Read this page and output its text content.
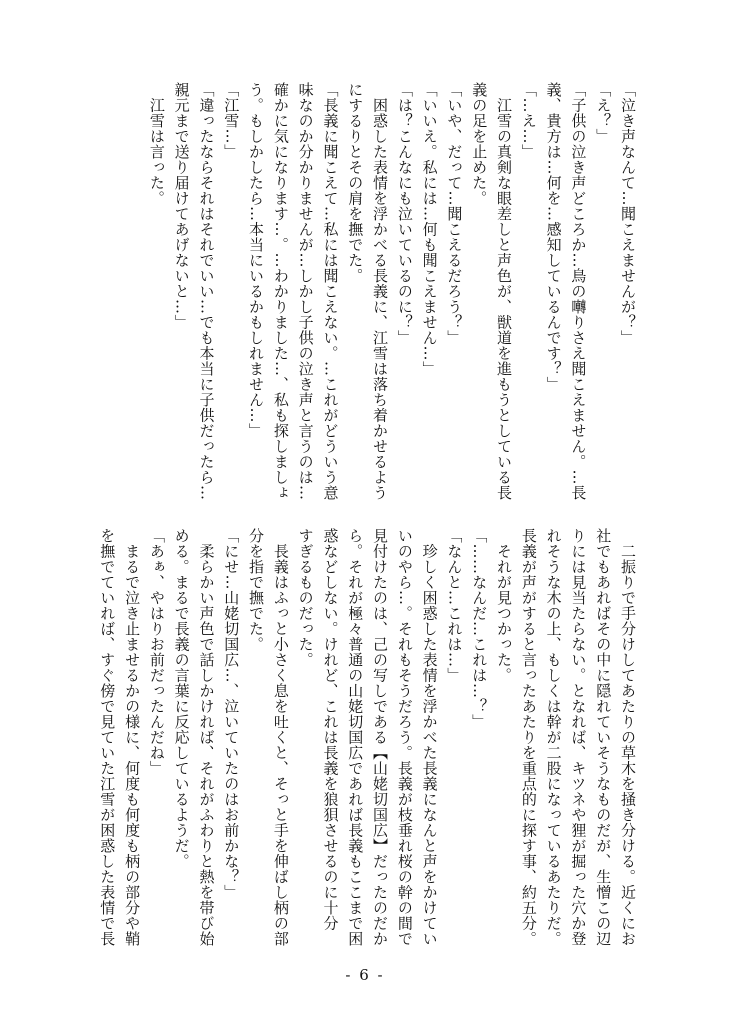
「泣き声なんて…聞こえませんが？」

「え？」

「子供の泣き声どころか…鳥の囀りさえ聞こえません。…長

義、貴方は…何を…感知しているんです？」

「…え…」

　江雪の真剣な眼差しと声色が、獣道を進もうとしている長

義の足を止めた。

「いや、だって…聞こえるだろう？」

「いいえ。私には…何も聞こえません…」

「は？こんなにも泣いているのに？」

　困惑した表情を浮かべる長義に、江雪は落ち着かせるよう

にするりとその肩を撫でた。

「長義に聞こえて…私には聞こえない。…これがどういう意

味なのか分かりませんが…しかし子供の泣き声と言うのは…

確かに気になります…。…わかりました…、私も探しましょ

う。もしかしたら…本当にいるかもしれません…」

「江雪…」

「違ったならそれはそれでいい…でも本当に子供だったら…

親元まで送り届けてあげないと…」

　江雪は言った。

　二振りで手分けしてあたりの草木を掻き分ける。近くにお

社でもあればその中に隠れていそうなものだが、生憎この辺

りには見当たらない。となれば、キツネや狸が掘った穴か登

れそうな木の上、もしくは幹が二股になっているあたりだ。

長義が声がすると言ったあたりを重点的に探す事、約五分。

　それが見つかった。

「……なんだ…これは…？」

「なんと…これは…」

　珍しく困惑した表情を浮かべた長義になんと声をかけてい

いのやら…。それもそうだろう。長義が枝垂れ桜の幹の間で

見付けたのは、己の写しである【山姥切国広】だったのだか

ら。それが極々普通の山姥切国広であれば長義もここまで困

惑などしない。けれど、これは長義を狼狽させるのに十分

すぎるものだった。

　長義はふっと小さく息を吐くと、そっと手を伸ばし柄の部

分を指で撫でた。

「にせ…山姥切国広…、泣いていたのはお前かな？」

　柔らかい声色で話しかければ、それがふわりと熱を帯び始

める。まるで長義の言葉に反応しているようだ。

「あぁ、やはりお前だったんだね」

　まるで泣き止ませるかの様に、何度も何度も柄の部分や鞘

を撫でていれば、すぐ傍で見ていた江雪が困惑した表情で長

- 6 -
